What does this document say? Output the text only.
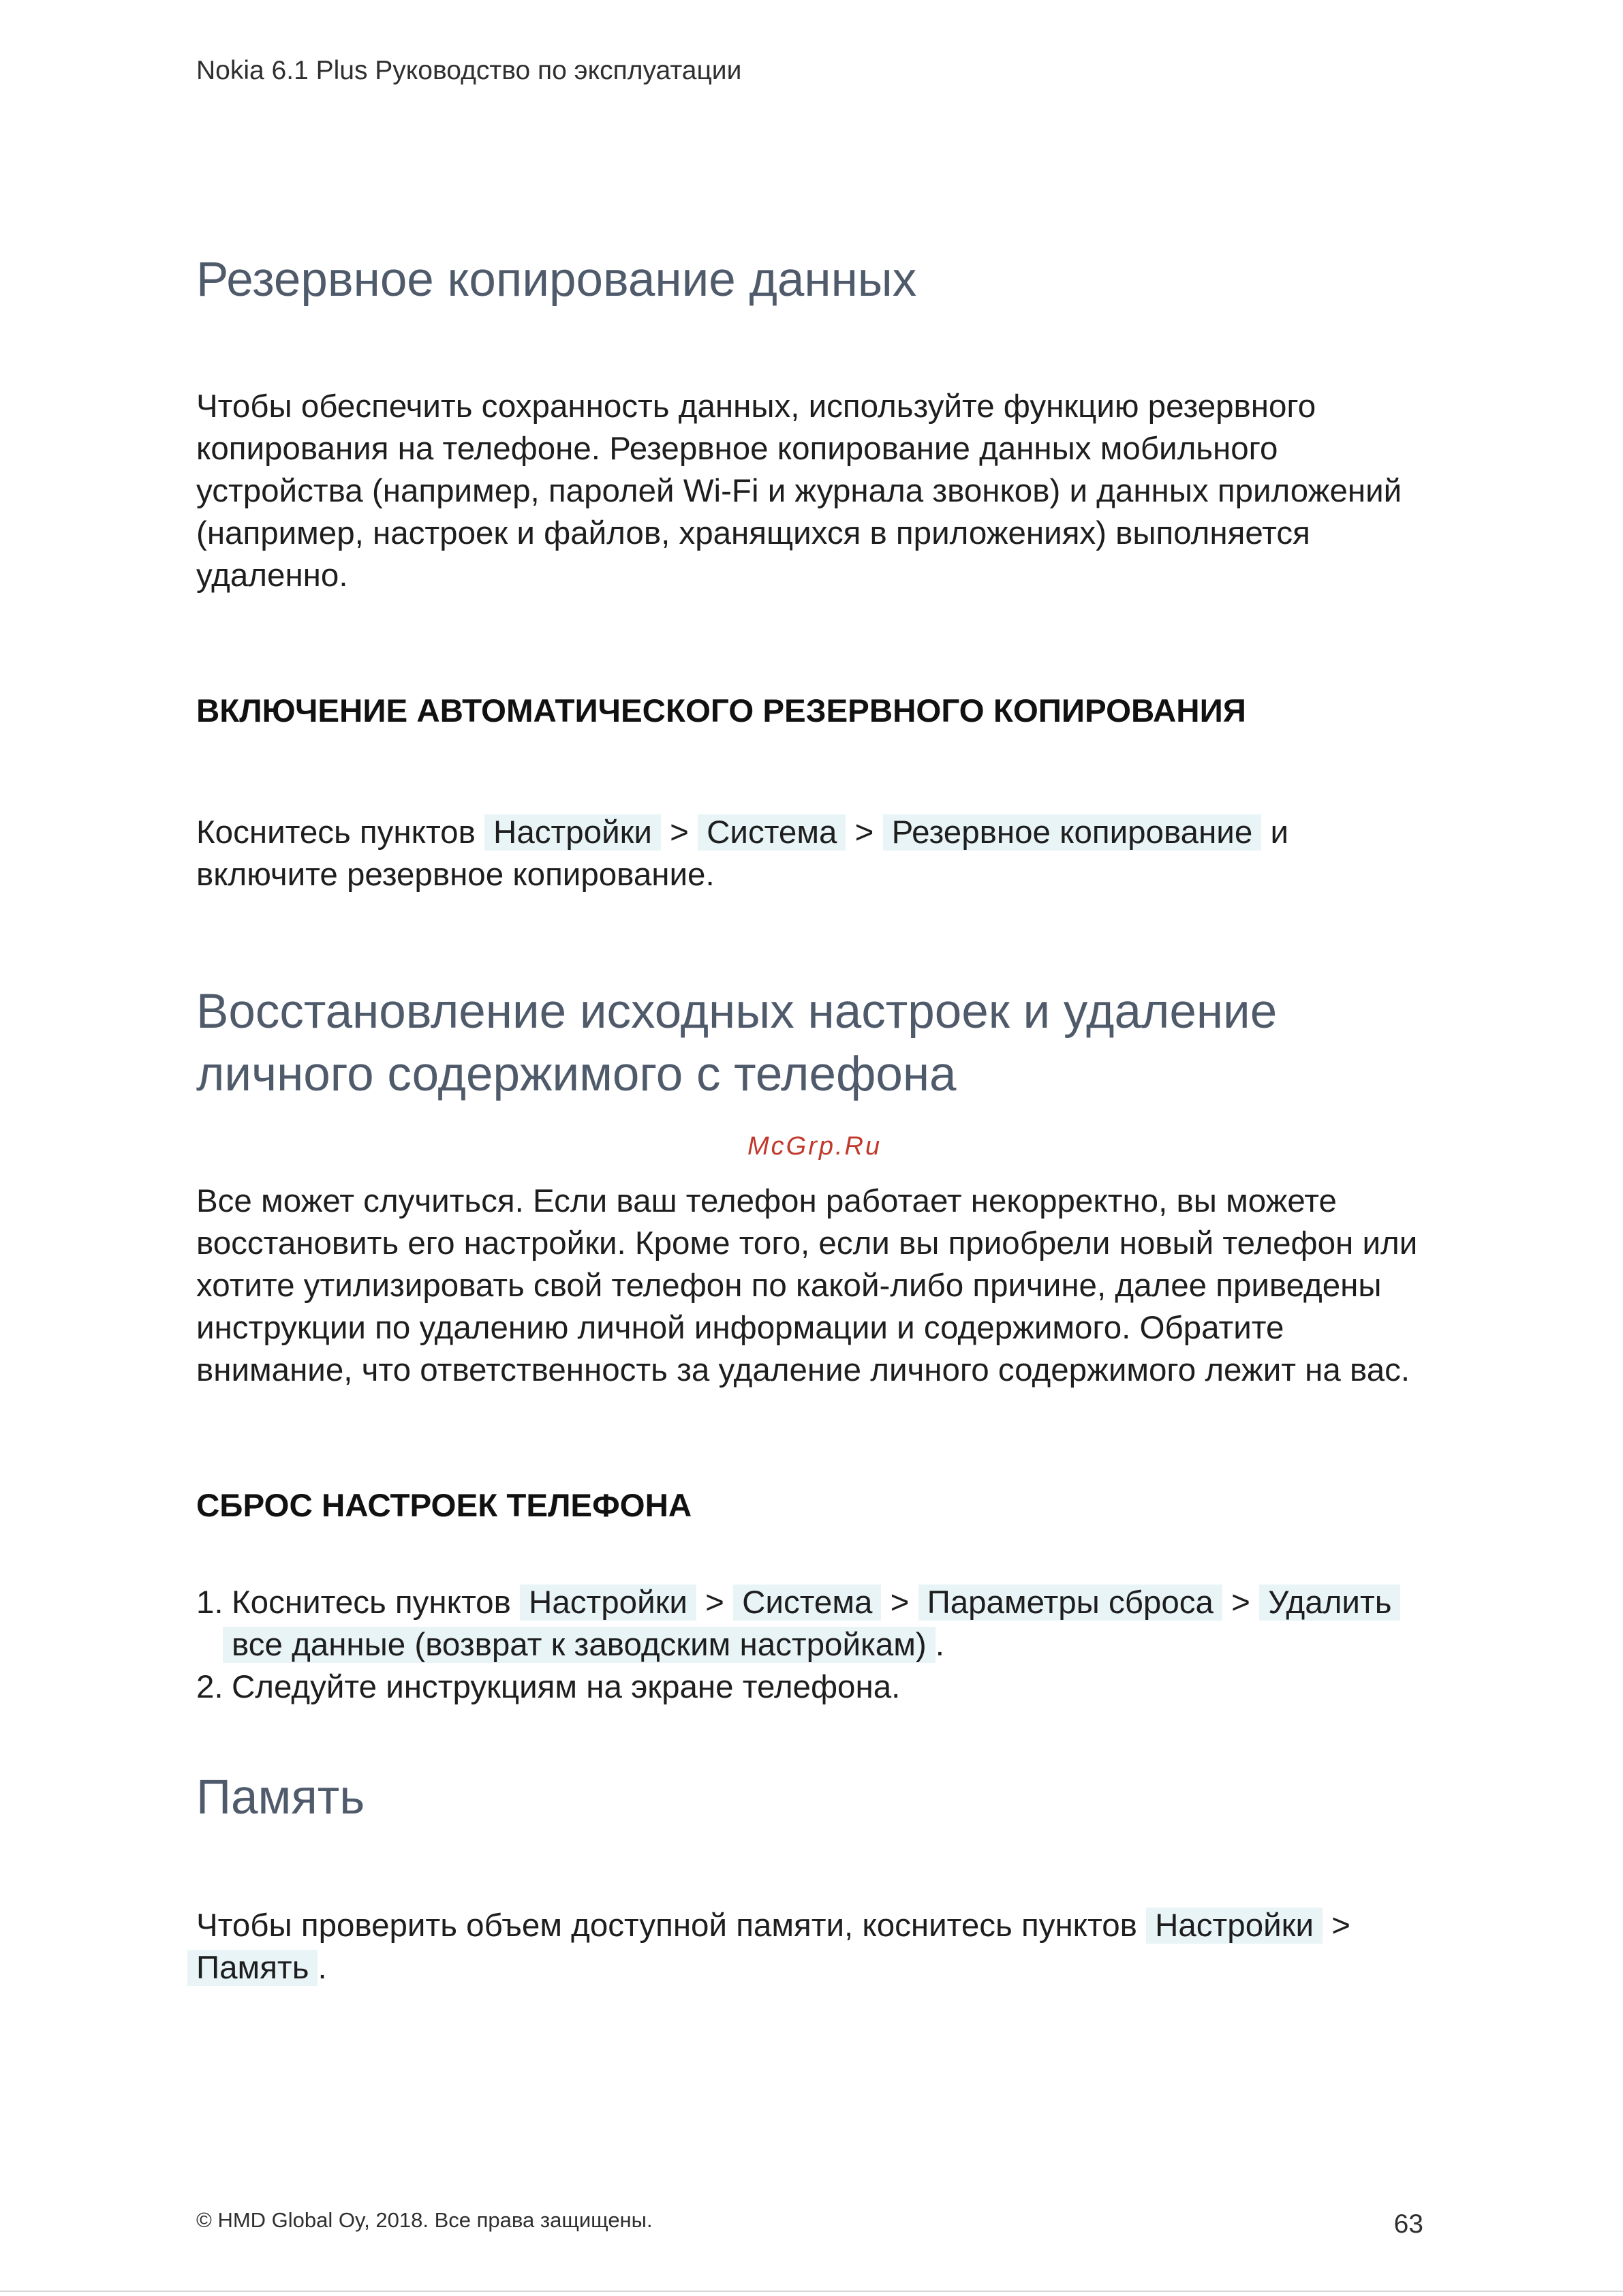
Nokia 6.1 Plus Руководство по эксплуатации
Резервное копирование данных
Чтобы обеспечить сохранность данных, используйте функцию резервного
копирования на телефоне. Резервное копирование данных мобильного
устройства (например, паролей Wi-Fi и журнала звонков) и данных приложений
(например, настроек и файлов, хранящихся в приложениях) выполняется
удаленно.
ВКЛЮЧЕНИЕ АВТОМАТИЧЕСКОГО РЕЗЕРВНОГО КОПИРОВАНИЯ
Коснитесь пунктов Настройки > Система > Резервное копирование и
включите резервное копирование.
Восстановление исходных настроек и удаление
личного содержимого с телефона
McGrp.Ru
Все может случиться. Если ваш телефон работает некорректно, вы можете
восстановить его настройки. Кроме того, если вы приобрели новый телефон или
хотите утилизировать свой телефон по какой-либо причине, далее приведены
инструкции по удалению личной информации и содержимого. Обратите
внимание, что ответственность за удаление личного содержимого лежит на вас.
СБРОС НАСТРОЕК ТЕЛЕФОНА
1. Коснитесь пунктов Настройки > Система > Параметры сброса > Удалить
все данные (возврат к заводским настройкам) .
2. Следуйте инструкциям на экране телефона.
Память
Чтобы проверить объем доступной памяти, коснитесь пунктов Настройки >
Память .
© HMD Global Oy, 2018. Все права защищены.	63
